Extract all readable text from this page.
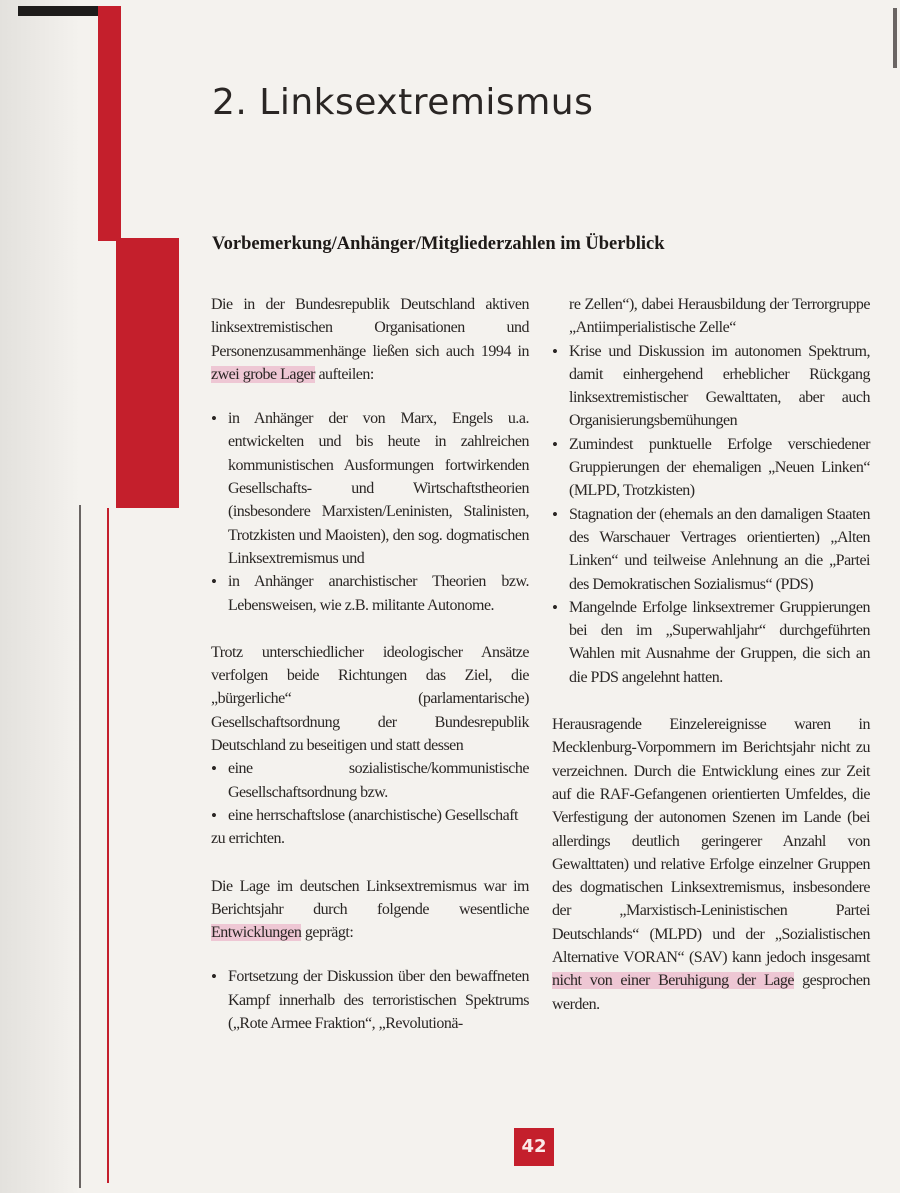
2. Linksextremismus
Vorbemerkung/Anhänger/Mitgliederzahlen im Überblick

Die in der Bundesrepublik Deutschland aktiven linksextremistischen Organisationen und Personenzusammenhänge ließen sich auch 1994 in zwei grobe Lager aufteilen:

• in Anhänger der von Marx, Engels u.a. entwickelten und bis heute in zahlreichen kommunistischen Ausformungen fortwirkenden Gesellschafts- und Wirtschaftstheorien (insbesondere Marxisten/Leninisten, Stalinisten, Trotzkisten und Maoisten), den sog. dogmatischen Linksextremismus und
• in Anhänger anarchistischer Theorien bzw. Lebensweisen, wie z.B. militante Autonome.

Trotz unterschiedlicher ideologischer Ansätze verfolgen beide Richtungen das Ziel, die „bürgerliche“ (parlamentarische) Gesellschaftsordnung der Bundesrepublik Deutschland zu beseitigen und statt dessen

• eine sozialistische/kommunistische Gesellschaftsordnung bzw.
• eine herrschaftslose (anarchistische) Gesellschaft

zu errichten.

Die Lage im deutschen Linksextremismus war im Berichtsjahr durch folgende wesentliche Entwicklungen geprägt:

• Fortsetzung der Diskussion über den bewaffneten Kampf innerhalb des terroristischen Spektrums („Rote Armee Fraktion“, „Revolutionä-

re Zellen“), dabei Herausbildung der Terrorgruppe „Antiimperialistische Zelle“

• Krise und Diskussion im autonomen Spektrum, damit einhergehend erheblicher Rückgang linksextremistischer Gewalttaten, aber auch Organisierungsbemühungen
• Zumindest punktuelle Erfolge verschiedener Gruppierungen der ehemaligen „Neuen Linken“ (MLPD, Trotzkisten)
• Stagnation der (ehemals an den damaligen Staaten des Warschauer Vertrages orientierten) „Alten Linken“ und teilweise Anlehnung an die „Partei des Demokratischen Sozialismus“ (PDS)
• Mangelnde Erfolge linksextremer Gruppierungen bei den im „Superwahljahr“ durchgeführten Wahlen mit Ausnahme der Gruppen, die sich an die PDS angelehnt hatten.

Herausragende Einzelereignisse waren in Mecklenburg-Vorpommern im Berichtsjahr nicht zu verzeichnen. Durch die Entwicklung eines zur Zeit auf die RAF-Gefangenen orientierten Umfeldes, die Verfestigung der autonomen Szenen im Lande (bei allerdings deutlich geringerer Anzahl von Gewalttaten) und relative Erfolge einzelner Gruppen des dogmatischen Linksextremismus, insbesondere der „Marxistisch-Leninistischen Partei Deutschlands“ (MLPD) und der „Sozialistischen Alternative VORAN“ (SAV) kann jedoch insgesamt nicht von einer Beruhigung der Lage gesprochen werden.

42
